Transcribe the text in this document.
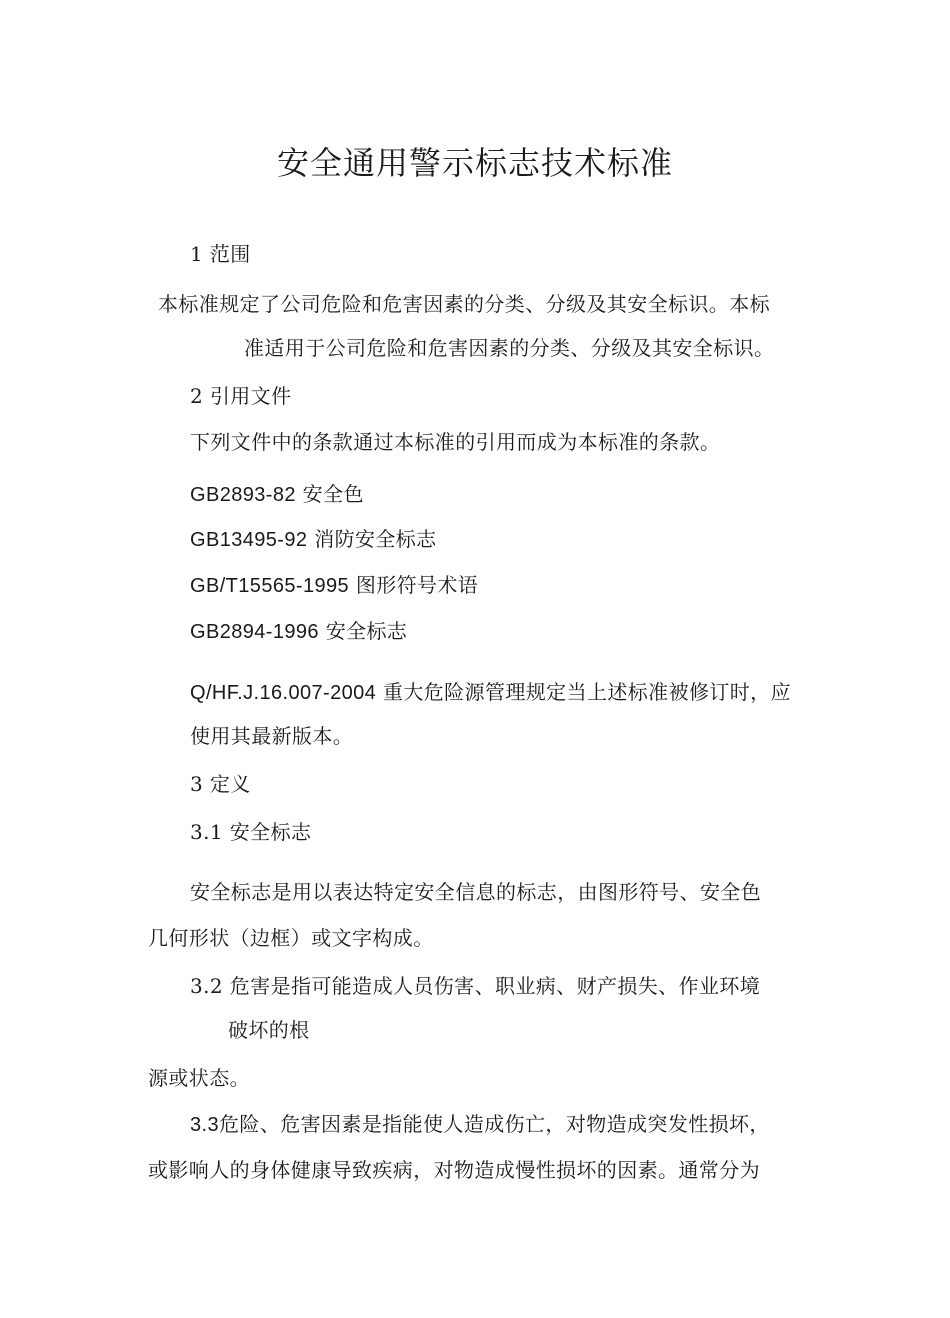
安全通用警示标志技术标准
1 范围
本标准规定了公司危险和危害因素的分类、分级及其安全标识。本标
准适用于公司危险和危害因素的分类、分级及其安全标识。
2 引用文件
下列文件中的条款通过本标准的引用而成为本标准的条款。
GB2893-82 安全色
GB13495-92 消防安全标志
GB/T15565-1995 图形符号术语
GB2894-1996 安全标志
Q/HF.J.16.007-2004 重大危险源管理规定当上述标准被修订时，应
使用其最新版本。
3 定义
3.1 安全标志
安全标志是用以表达特定安全信息的标志，由图形符号、安全色
几何形状（边框）或文字构成。
3.2 危害是指可能造成人员伤害、职业病、财产损失、作业环境
破坏的根
源或状态。
3.3危险、危害因素是指能使人造成伤亡，对物造成突发性损坏，
或影响人的身体健康导致疾病，对物造成慢性损坏的因素。通常分为
